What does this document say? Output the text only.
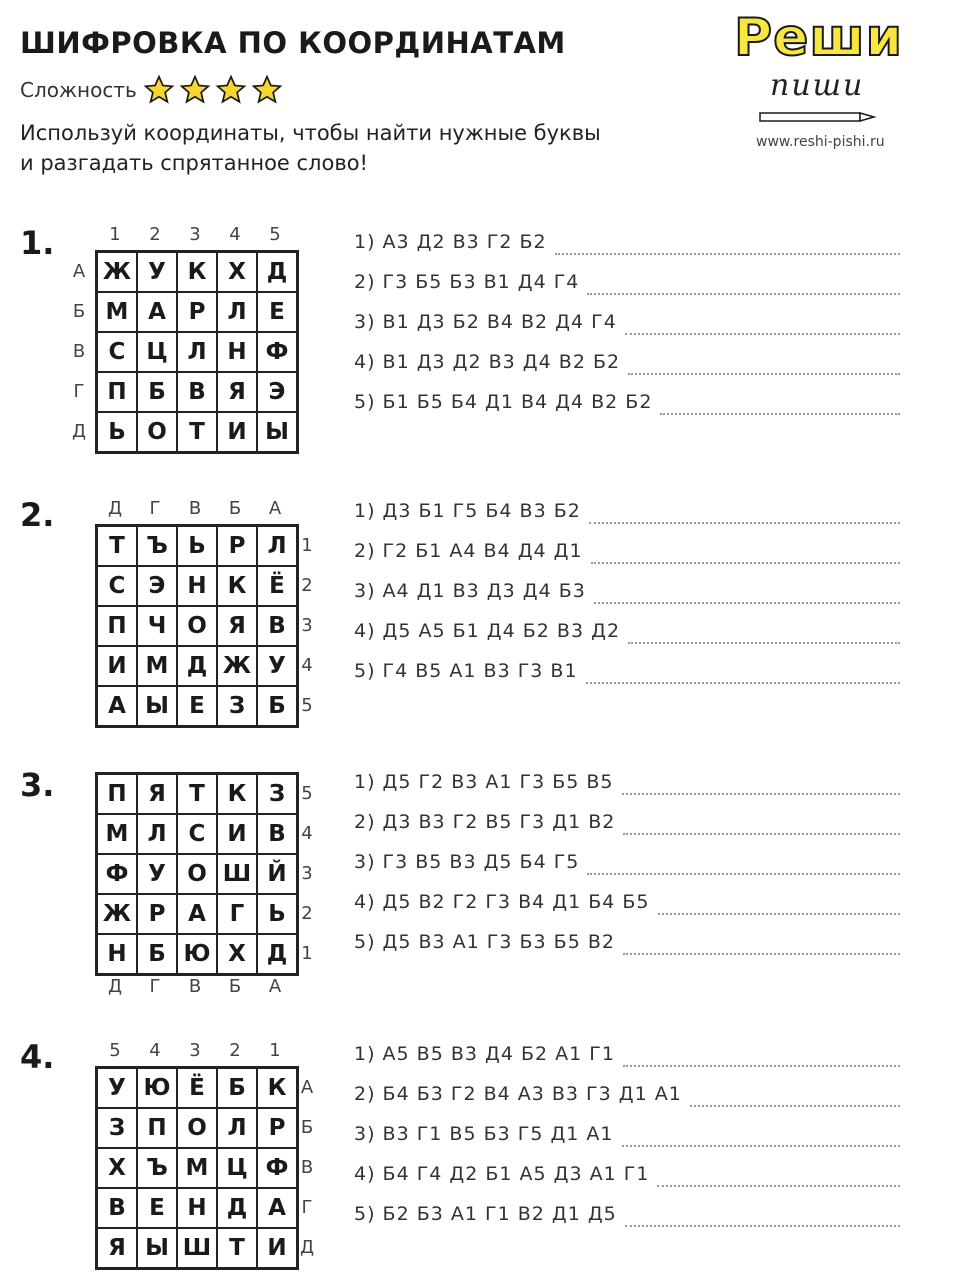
ШИФРОВКА ПО КООРДИНАТАМ
Сложность

Используй координаты, чтобы найти нужные буквы
и разгадать спрятанное слово!

Реши
пиши
www.reshi-pishi.ru
1.	1	2	3	4	5
А
Б
В
Г
Д
Ж У К Х Д
М А Р Л Е
С Ц Л Н Ф
П Б В Я Э
Ь О Т И Ы
1) А3 Д2 В3 Г2 Б2
2) Г3 Б5 Б3 В1 Д4 Г4
3) В1 Д3 Б2 В4 В2 Д4 Г4
4) В1 Д3 Д2 В3 Д4 В2 Б2
5) Б1 Б5 Б4 Д1 В4 Д4 В2 Б2
2.	Д	Г	В	Б	А
1
2
3
4
5
Т Ъ Ь Р Л
С	Э Н К Ё
П Ч О Я В
И М Д Ж У
А Ы Е	З	Б
1) Д3 Б1 Г5 Б4 В3 Б2
2) Г2 Б1 А4 В4 Д4 Д1
3) А4 Д1 В3 Д3 Д4 Б3
4) Д5 А5 Б1 Д4 Б2 В3 Д2
5) Г4 В5 А1 В3 Г3 В1
3.	5
4
3
2
1
П Я	Т К З
М Л С И В
Ф У О Ш Й
Ж Р А	Г	Ь
Н Б Ю Х Д
Д	Г	В	Б	А
1) Д5 Г2 В3 А1 Г3 Б5 В5
2) Д3 В3 Г2 В5 Г3 Д1 В2
3) Г3 В5 В3 Д5 Б4 Г5
4) Д5 В2 Г2 Г3 В4 Д1 Б4 Б5
5) Д5 В3 А1 Г3 Б3 Б5 В2
4.	5	4	3	2	1
А
Б
В
Г
Д
У Ю Ё	Б К
З П О Л Р
Х Ъ М Ц Ф
В	Е Н Д А
Я Ы Ш Т И
1) А5 В5 В3 Д4 Б2 А1 Г1
2) Б4 Б3 Г2 В4 А3 В3 Г3 Д1 А1
3) В3 Г1 В5 Б3 Г5 Д1 А1
4) Б4 Г4 Д2 Б1 А5 Д3 А1 Г1
5) Б2 Б3 А1 Г1 В2 Д1 Д5
